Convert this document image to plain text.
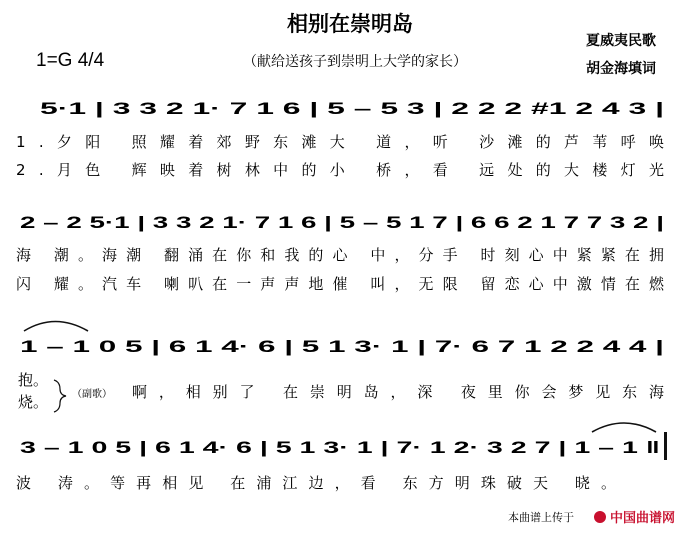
相别在崇明岛
（献给送孩子到崇明上大学的家长）
1=G 4/4
夏威夷民歌
胡金海填词
5·1 | 3 3 2 1· 7 1 6 | 5 – 5 3 | 2 2 2 #1 2 4 3 |
1.夕阳 照耀着郊野东滩大 道，听 沙滩的芦苇呼唤
2.月色 辉映着树林中的小 桥，看 远处的大楼灯光
2 – 2 5·1 | 3 3 2 1· 7 1 6 | 5 – 5 1 7 | 6 6 2 1 7 7 3 2 |
海 潮。海潮 翻涌在你和我的心 中，分手 时刻心中紧紧在拥
闪 耀。汽车 喇叭在一声声地催 叫，无限 留恋心中激情在燃
1 – 1 0 5 | 6 1 4· 6 | 5 1 3· 1 | 7· 6 7 1 2 2 4 4 |
抱。
烧。 （副歌） 啊，相别了 在崇明岛，深 夜里你会梦见东海
3 – 1 0 5 | 6 1 4· 6 | 5 1 3· 1 | 7· 1 2· 3 2 7 | 1 – 1 ‖
波 涛。等再相见 在浦江边，看 东方明珠破天 晓。
本曲谱上传于	中国曲谱网
